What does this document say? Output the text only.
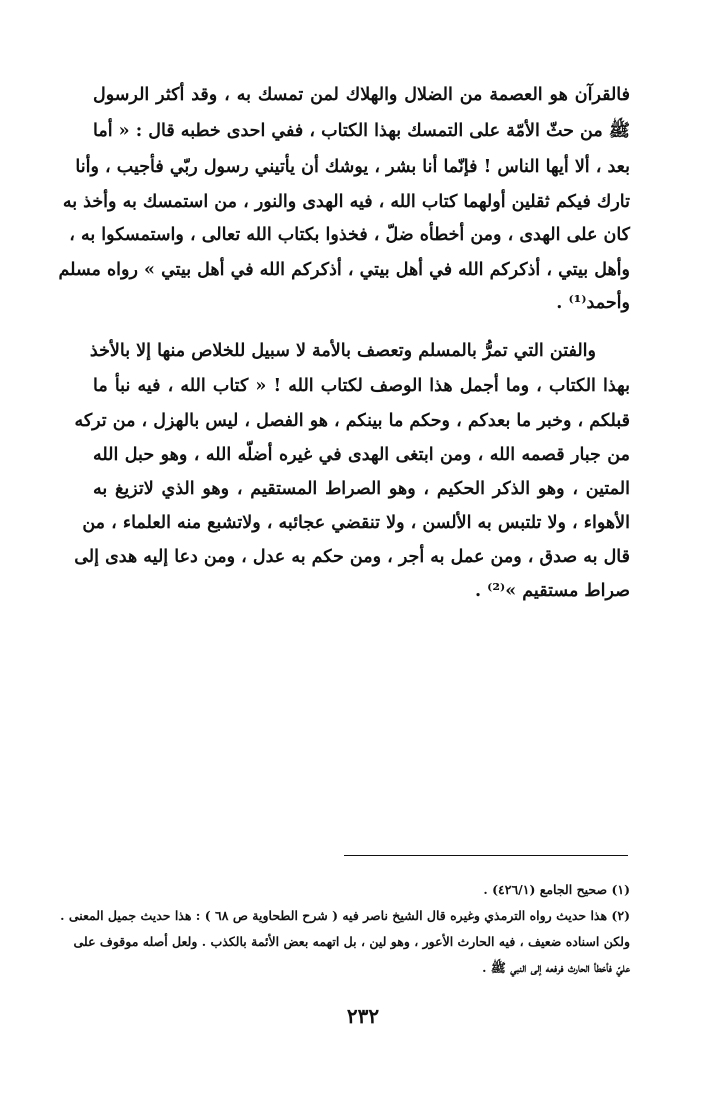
فالقرآن هو العصمة من الضلال والهلاك لمن تمسك به ، وقد أكثر الرسول
ﷺ من حثّ الأمّة على التمسك بهذا الكتاب ، ففي احدى خطبه قال : « أما
بعد ، ألا أيها الناس ! فإنّما أنا بشر ، يوشك أن يأتيني رسول ربّي فأجيب ، وأنا
تارك فيكم ثقلين أولهما كتاب الله ، فيه الهدى والنور ، من استمسك به وأخذ به
كان على الهدى ، ومن أخطأه ضلّ ، فخذوا بكتاب الله تعالى ، واستمسكوا به ،
وأهل بيتي ، أذكركم الله في أهل بيتي ، أذكركم الله في أهل بيتي » رواه مسلم
وأحمد⁽¹⁾ .
والفتن التي تمرُّ بالمسلم وتعصف بالأمة لا سبيل للخلاص منها إلا بالأخذ
بهذا الكتاب ، وما أجمل هذا الوصف لكتاب الله ! « كتاب الله ، فيه نبأ ما
قبلكم ، وخبر ما بعدكم ، وحكم ما بينكم ، هو الفصل ، ليس بالهزل ، من تركه
من جبار قصمه الله ، ومن ابتغى الهدى في غيره أضلّه الله ، وهو حبل الله
المتين ، وهو الذكر الحكيم ، وهو الصراط المستقيم ، وهو الذي لاتزيغ به
الأهواء ، ولا تلتبس به الألسن ، ولا تنقضي عجائبه ، ولاتشبع منه العلماء ، من
قال به صدق ، ومن عمل به أجر ، ومن حكم به عدل ، ومن دعا إليه هدى إلى
صراط مستقيم »⁽²⁾ .
(١) صحيح الجامع (٤٢٦/١) .
(٢) هذا حديث رواه الترمذي وغيره قال الشيخ ناصر فيه ( شرح الطحاوية ص ٦٨ ) : هذا حديث جميل المعنى .
ولكن اسناده ضعيف ، فيه الحارث الأعور ، وهو لين ، بل اتهمه بعض الأئمة بالكذب . ولعل أصله موقوف على
عليّ فأخطأ الحارث فرفعه إلى النبي ﷺ .
٢٣٢
